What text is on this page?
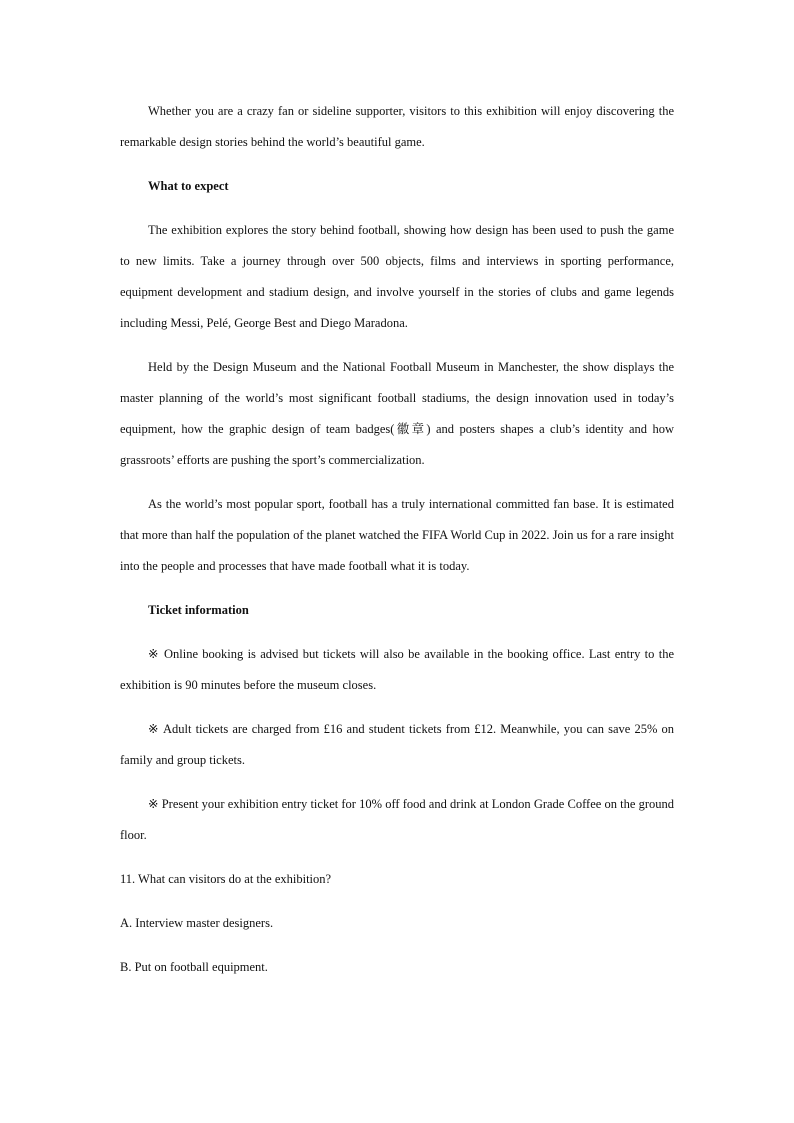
Whether you are a crazy fan or sideline supporter, visitors to this exhibition will enjoy discovering the remarkable design stories behind the world’s beautiful game.

What to expect

The exhibition explores the story behind football, showing how design has been used to push the game to new limits. Take a journey through over 500 objects, films and interviews in sporting performance, equipment development and stadium design, and involve yourself in the stories of clubs and game legends including Messi, Pelé, George Best and Diego Maradona.

Held by the Design Museum and the National Football Museum in Manchester, the show displays the master planning of the world’s most significant football stadiums, the design innovation used in today’s equipment, how the graphic design of team badges(徽章) and posters shapes a club’s identity and how grassroots’ efforts are pushing the sport’s commercialization.

As the world’s most popular sport, football has a truly international committed fan base. It is estimated that more than half the population of the planet watched the FIFA World Cup in 2022. Join us for a rare insight into the people and processes that have made football what it is today.

Ticket information

※ Online booking is advised but tickets will also be available in the booking office. Last entry to the exhibition is 90 minutes before the museum closes.

※ Adult tickets are charged from £16 and student tickets from £12. Meanwhile, you can save 25% on family and group tickets.

※ Present your exhibition entry ticket for 10% off food and drink at London Grade Coffee on the ground floor.

11. What can visitors do at the exhibition?

A. Interview master designers.

B. Put on football equipment.
